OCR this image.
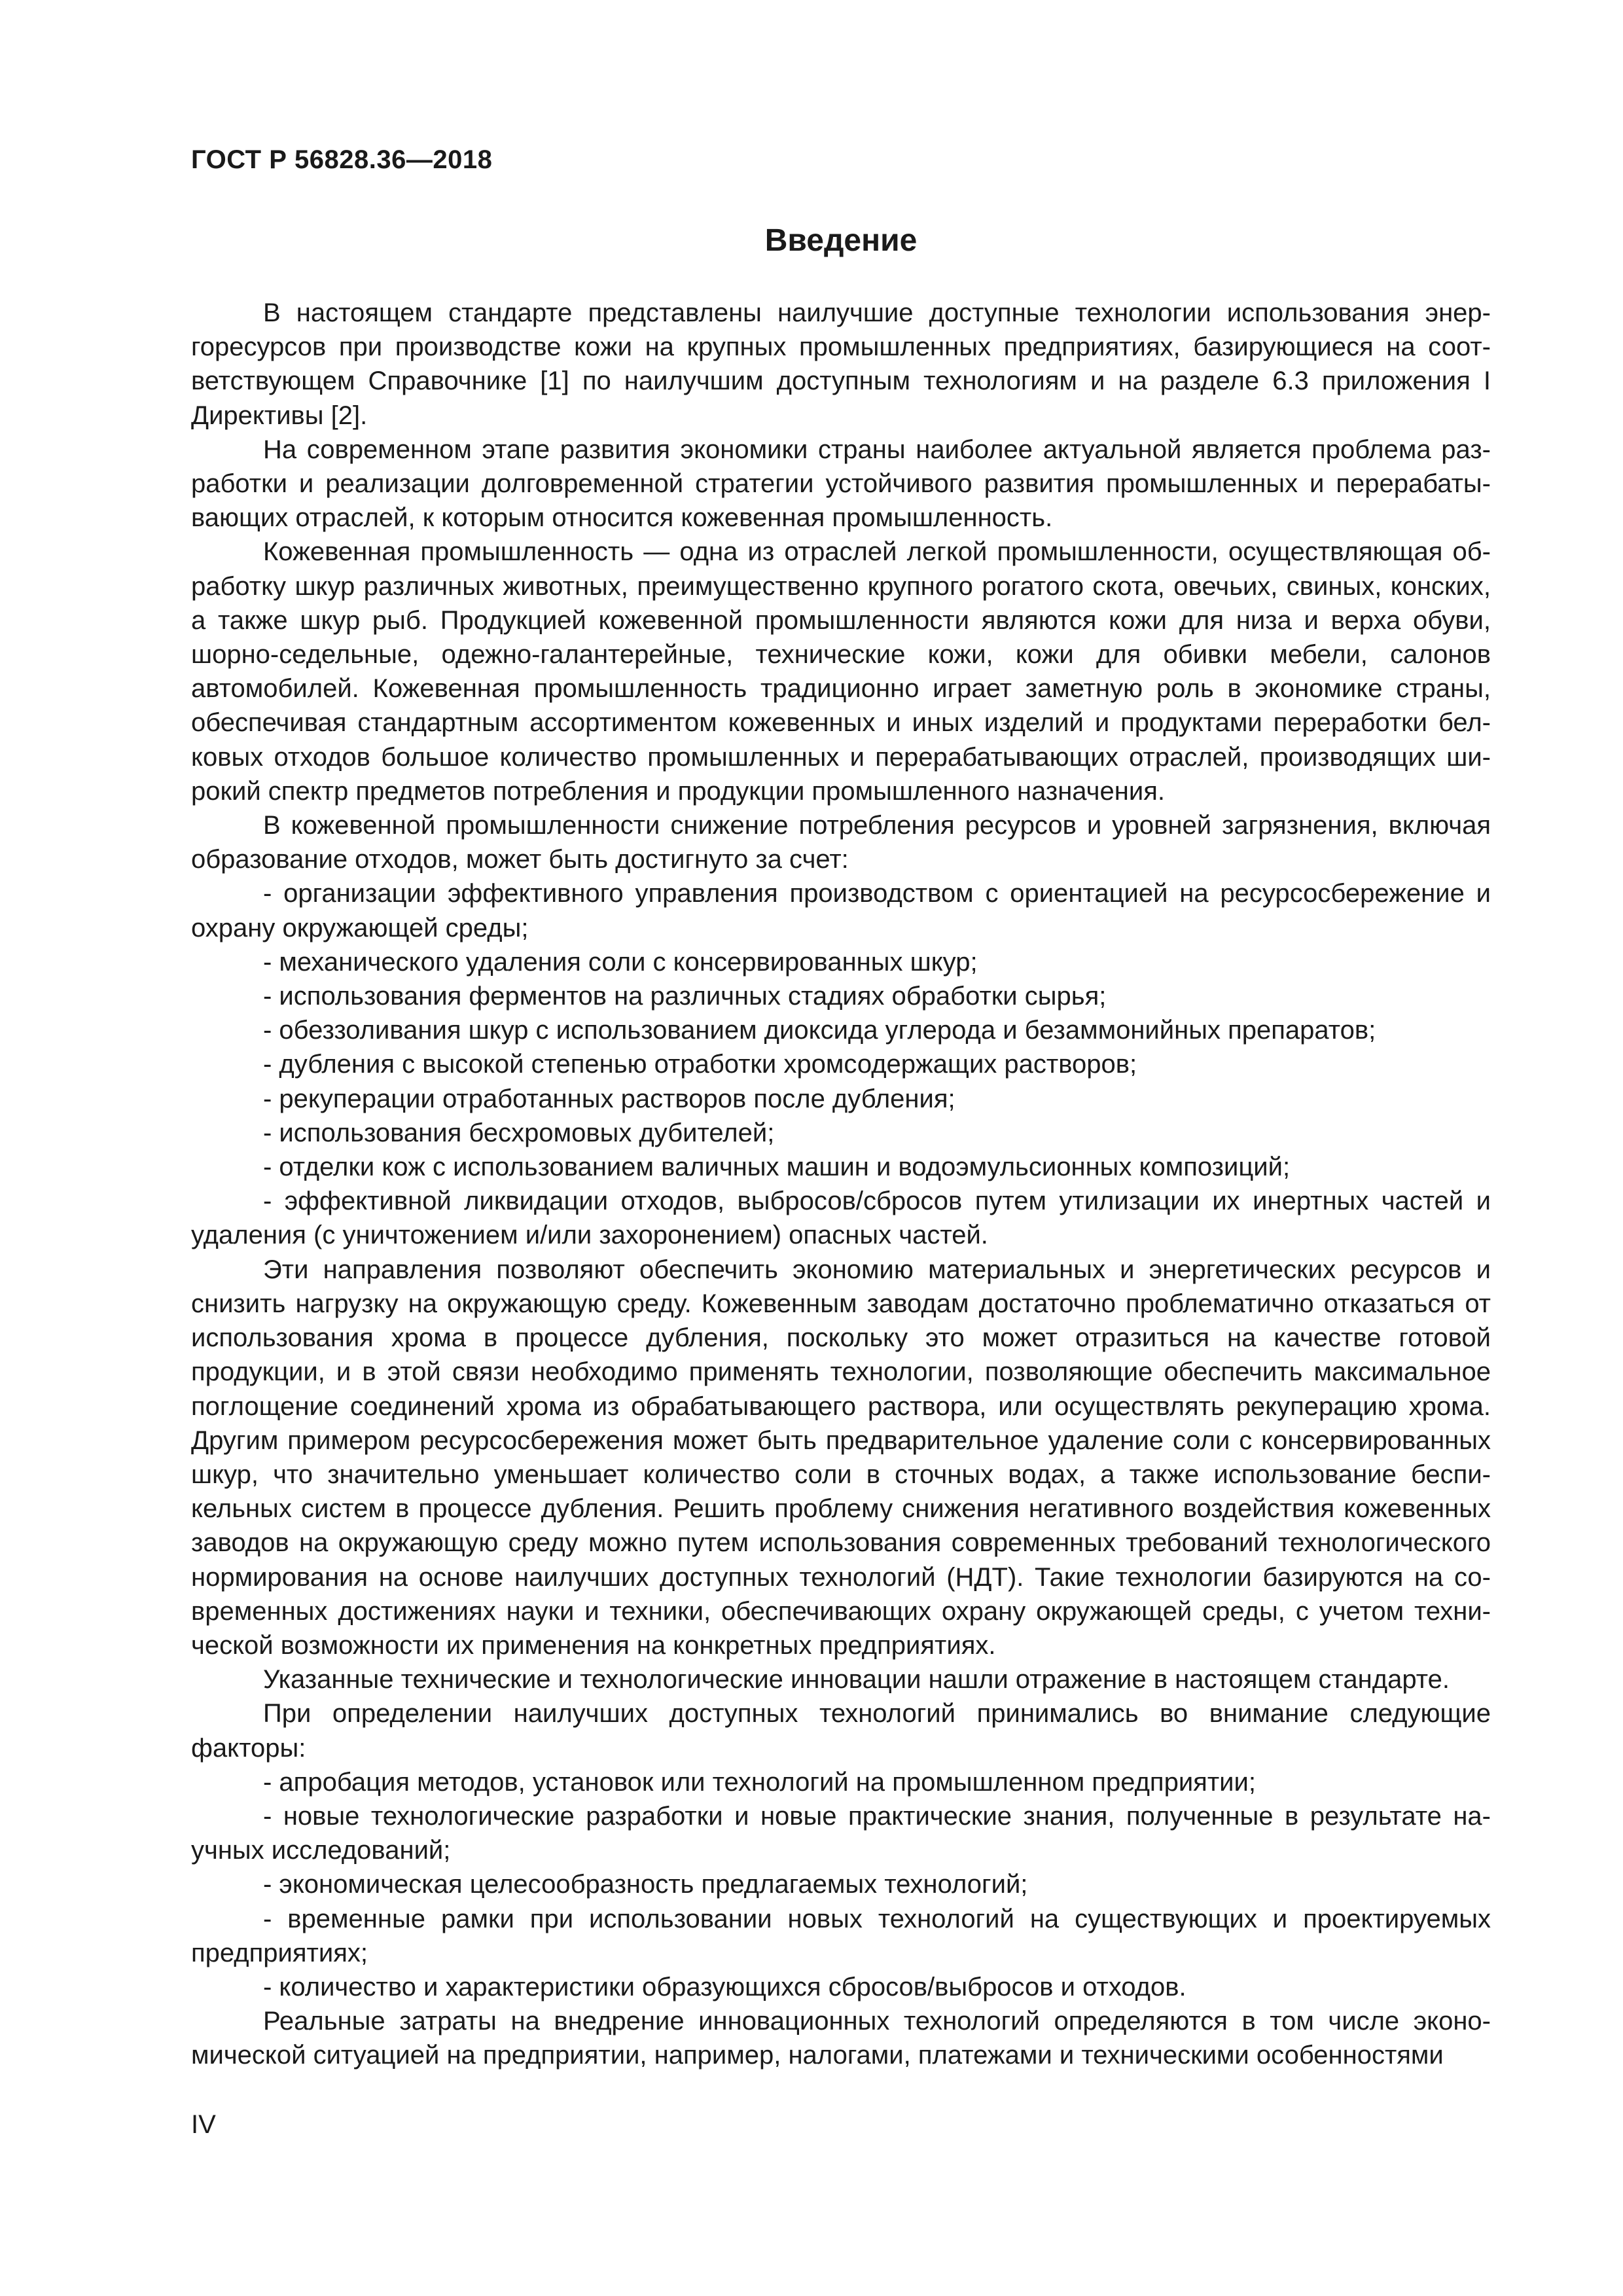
ГОСТ Р 56828.36—2018
Введение

В настоящем стандарте представлены наилучшие доступные технологии использования энергоресурсов при производстве кожи на крупных промышленных предприятиях, базирующиеся на соответствующем Справочнике [1] по наилучшим доступным технологиям и на разделе 6.3 приложения I Директивы [2].

На современном этапе развития экономики страны наиболее актуальной является проблема разработки и реализации долговременной стратегии устойчивого развития промышленных и перерабатывающих отраслей, к которым относится кожевенная промышленность.

Кожевенная промышленность — одна из отраслей легкой промышленности, осуществляющая обработку шкур различных животных, преимущественно крупного рогатого скота, овечьих, свиных, конских, а также шкур рыб. Продукцией кожевенной промышленности являются кожи для низа и верха обуви, шорно-седельные, одежно-галантерейные, технические кожи, кожи для обивки мебели, салонов автомобилей. Кожевенная промышленность традиционно играет заметную роль в экономике страны, обеспечивая стандартным ассортиментом кожевенных и иных изделий и продуктами переработки белковых отходов большое количество промышленных и перерабатывающих отраслей, производящих широкий спектр предметов потребления и продукции промышленного назначения.

В кожевенной промышленности снижение потребления ресурсов и уровней загрязнения, включая образование отходов, может быть достигнуто за счет:

- организации эффективного управления производством с ориентацией на ресурсосбережение и охрану окружающей среды;

- механического удаления соли с консервированных шкур;

- использования ферментов на различных стадиях обработки сырья;

- обеззоливания шкур с использованием диоксида углерода и безаммонийных препаратов;

- дубления с высокой степенью отработки хромсодержащих растворов;

- рекуперации отработанных растворов после дубления;

- использования бесхромовых дубителей;

- отделки кож с использованием валичных машин и водоэмульсионных композиций;

- эффективной ликвидации отходов, выбросов/сбросов путем утилизации их инертных частей и удаления (с уничтожением и/или захоронением) опасных частей.

Эти направления позволяют обеспечить экономию материальных и энергетических ресурсов и снизить нагрузку на окружающую среду. Кожевенным заводам достаточно проблематично отказаться от использования хрома в процессе дубления, поскольку это может отразиться на качестве готовой продукции, и в этой связи необходимо применять технологии, позволяющие обеспечить максимальное поглощение соединений хрома из обрабатывающего раствора, или осуществлять рекуперацию хрома. Другим примером ресурсосбережения может быть предварительное удаление соли с консервированных шкур, что значительно уменьшает количество соли в сточных водах, а также использование беспикельных систем в процессе дубления. Решить проблему снижения негативного воздействия кожевенных заводов на окружающую среду можно путем использования современных требований технологического нормирования на основе наилучших доступных технологий (НДТ). Такие технологии базируются на современных достижениях науки и техники, обеспечивающих охрану окружающей среды, с учетом технической возможности их применения на конкретных предприятиях.

Указанные технические и технологические инновации нашли отражение в настоящем стандарте.

При определении наилучших доступных технологий принимались во внимание следующие факторы:

- апробация методов, установок или технологий на промышленном предприятии;

- новые технологические разработки и новые практические знания, полученные в результате научных исследований;

- экономическая целесообразность предлагаемых технологий;

- временные рамки при использовании новых технологий на существующих и проектируемых предприятиях;

- количество и характеристики образующихся сбросов/выбросов и отходов.

Реальные затраты на внедрение инновационных технологий определяются в том числе экономической ситуацией на предприятии, например, налогами, платежами и техническими особенностями

IV
